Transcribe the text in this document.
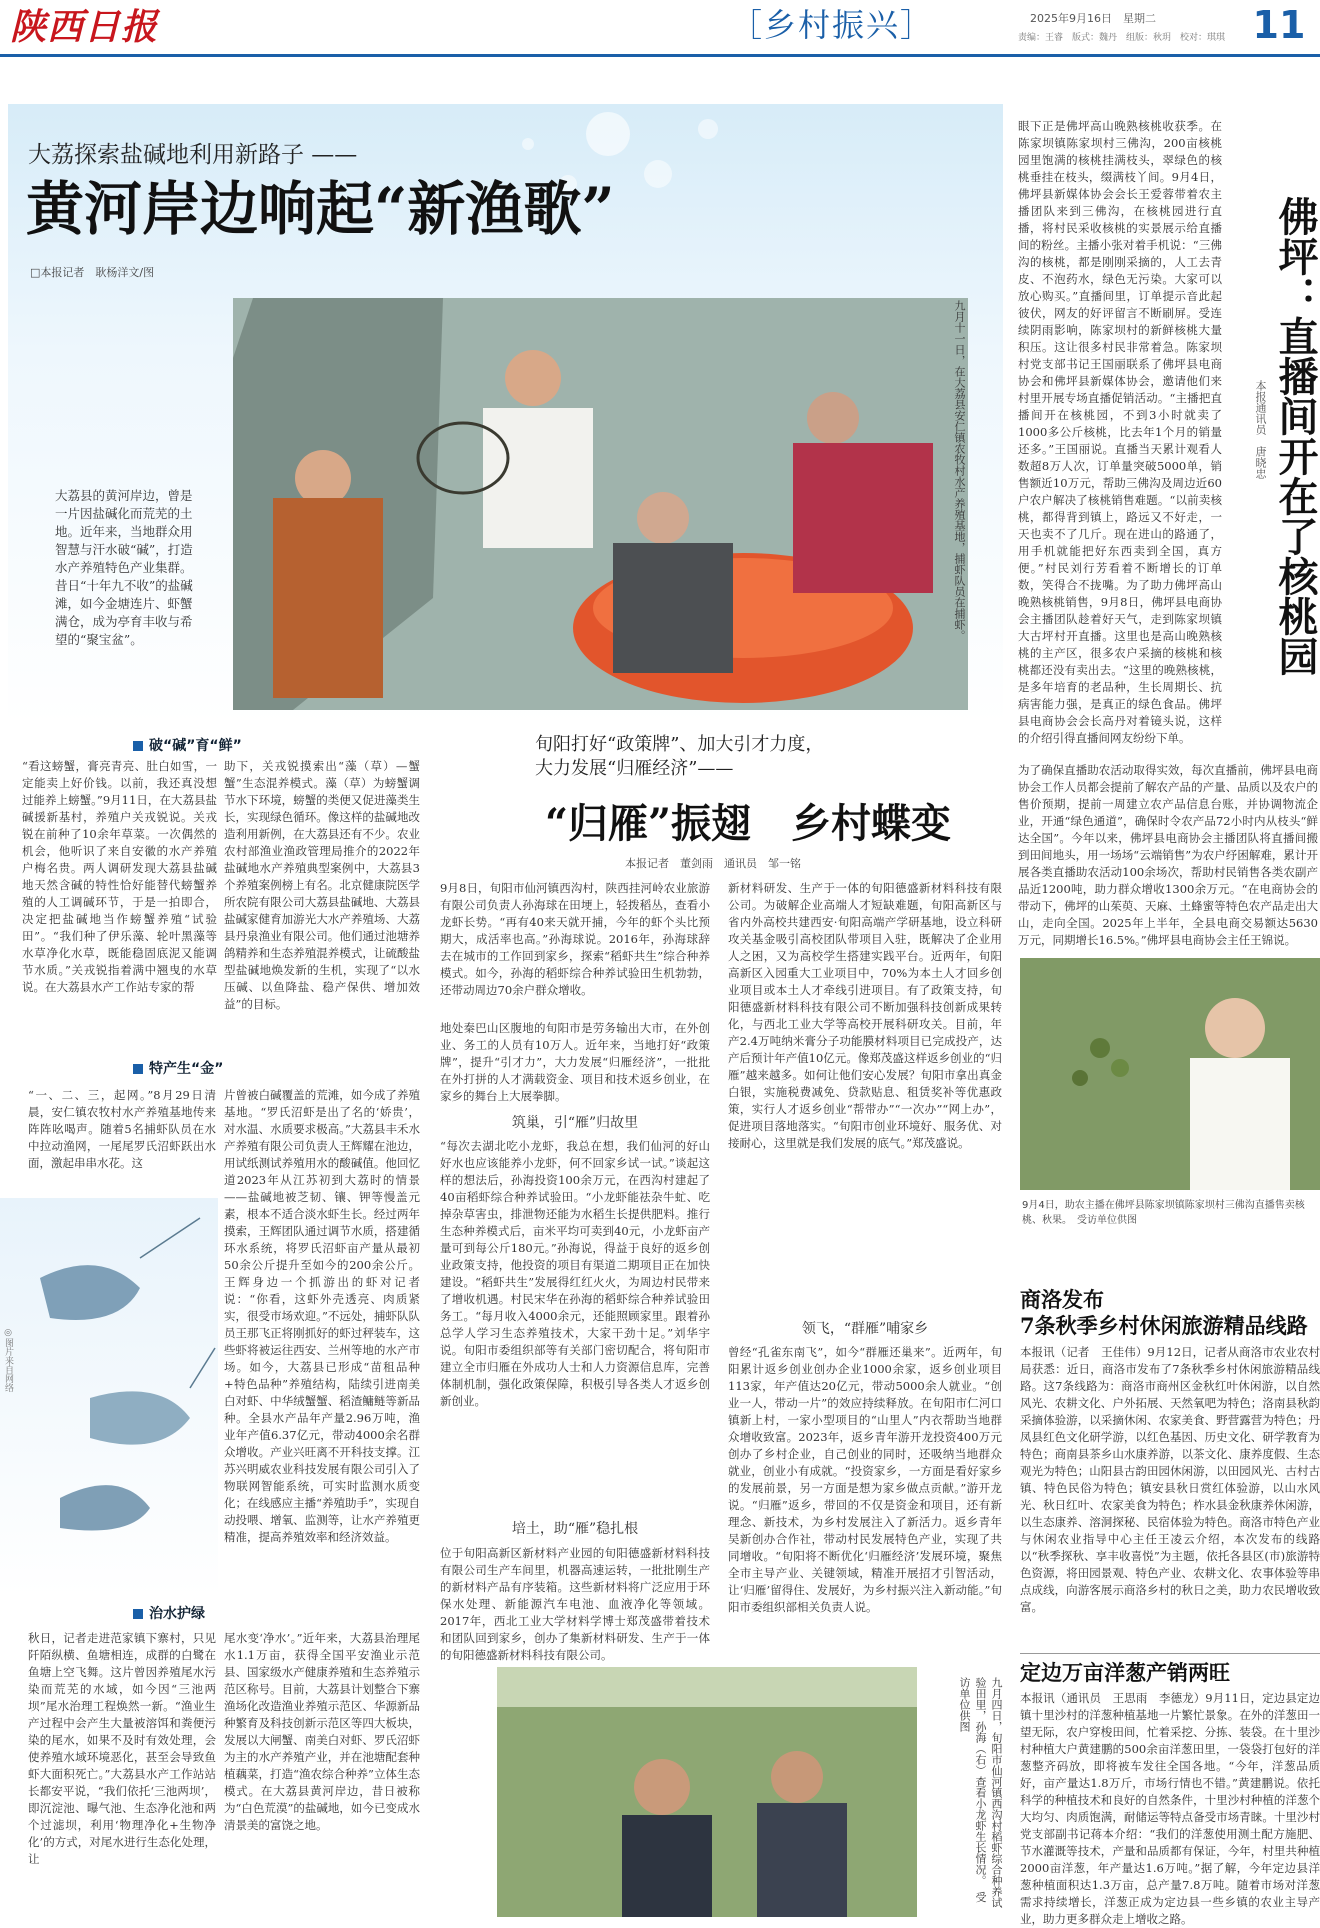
陕西日报	［乡村振兴］	2025年9月16日　星期二
责编：王睿　版式：魏丹　组版：秋玥　校对：琪琪 11
大荔探索盐碱地利用新路子 ——
黄河岸边响起“新渔歌”
□本报记者　耿杨洋文/图
大荔县的黄河岸边，曾是一片因盐碱化而荒芜的土地。近年来，当地群众用智慧与汗水破“碱”，打造水产养殖特色产业集群。昔日“十年九不收”的盐碱滩，如今金塘连片、虾蟹满仓，成为亭育丰收与希望的“聚宝盆”。	九月十一日，在大荔县安仁镇农牧村水产养殖基地，捕虾队员在捕虾。
破“碱”育“鲜”
“看这螃蟹，膏亮青亮、肚白如雪，一定能卖上好价钱。以前，我还真没想过能养上螃蟹。”9月11日，在大荔县盐碱援新基村，养殖户关戎锐说。关戎锐在前种了10余年草菜。一次偶然的机会，他听识了来自安徽的水产养殖户梅名贵。两人调研发现大荔县盐碱地天然含碱的特性恰好能替代螃蟹养殖的人工调碱环节，于是一拍即合，决定把盐碱地当作螃蟹养殖“试验田”。“我们种了伊乐藻、轮叶黑藻等水草净化水草，既能稳固底泥又能调节水质。”关戎锐指着满中翘曳的水草说。在大荔县水产工作站专家的帮
助下，关戎锐摸索出“藻（草）—蟹蟹”生态混养模式。藻（草）为螃蟹调节水下环境，螃蟹的类便又促进藻类生长，实现绿色循环。像这样的盐碱地改造利用新例，在大荔县还有不少。农业农村部渔业渔政管理局推介的2022年盐碱地水产养殖典型案例中，大荔县3个养殖案例榜上有名。北京健康院医学所农院有限公司大荔县盐碱地、大荔县盐碱家健育加游光大水产养殖场、大荔县丹泉渔业有限公司。他们通过池塘养鸽精养和生态养殖混养模式，让硫酸盐型盐碱地焕发新的生机，实现了“以水压碱、以鱼降盐、稳产保供、增加效益”的目标。
特产生“金”
“一、二、三，起网。”8月29日清晨，安仁镇农牧村水产养殖基地传来阵阵吆喝声。随着5名捕虾队员在水中拉动渔网，一尾尾罗氏沼虾跃出水面，激起串串水花。这
片曾被白碱覆盖的荒滩，如今成了养殖基地。“罗氏沼虾是出了名的‘娇贵’，对水温、水质要求极高。”大荔县丰禾水产养殖有限公司负责人王辉耀在池边，用试纸测试养殖用水的酸碱值。他回忆道2023年从江苏初到大荔时的情景——盐碱地被芝韧、镶、钾等慢盖元素，根本不适合淡水虾生长。经过两年摸索，王辉团队通过调节水质，搭建循环水系统，将罗氏沼虾亩产量从最初50余公斤提升至如今的200余公斤。王辉身边一个抓游出的虾对记者说：“你看，这虾外壳透亮、肉质紧实，很受市场欢迎。”不远处，捕虾队队员王那飞正将刚抓好的虾过秤装车，这些虾将被运往西安、兰州等地的水产市场。如今，大荔县已形成“苗租品种+特色品种”养殖结构，陆续引进南美白对虾、中华绒蟹蟹、稻渣鳙鲢等新品种。全县水产品年产量2.96万吨，渔业年产值6.37亿元，带动4000余名群众增收。产业兴旺离不开科技支撑。江苏兴明威农业科技发展有限公司引入了物联网智能系统，可实时监测水质变化；在线感应主播“养殖助手”，实现自动投喂、增氧、监测等，让水产养殖更精准，提高养殖效率和经济效益。
◎图片来自网络
治水护绿
秋日，记者走进范家镇下寨村，只见阡陌纵横、鱼塘相连，成群的白鹭在鱼塘上空飞舞。这片曾因养殖尾水污染而荒芜的水域，如今因“三池两坝”尾水治理工程焕然一新。“渔业生产过程中会产生大量被溶饵和粪便污染的尾水，如果不及时有效处理，会使养殖水域环境恶化，甚至会导致鱼虾大面积死亡。”大荔县水产工作站站长都安平说，“我们依托‘三池两坝’，即沉淀池、曝气池、生态净化池和两个过滤坝，利用‘物理净化+生物净化’的方式，对尾水进行生态化处理，让
尾水变‘净水’。”近年来，大荔县治理尾水1.1万亩，获得全国平安渔业示范县、国家级水产健康养殖和生态养殖示范区称号。目前，大荔县计划整合下寨渔场化改造渔业养殖示范区、华源新品种繁育及科技创新示范区等四大板块，发展以大闸蟹、南美白对虾、罗氏沼虾为主的水产养殖产业，并在池塘配套种植藕菜，打造“渔农综合种养”立体生态模式。在大荔县黄河岸边，昔日被称为“白色荒漠”的盐碱地，如今已变成水清景美的富饶之地。
旬阳打好“政策牌”、加大引才力度，
大力发展“归雁经济”——
“归雁”振翅　乡村蝶变
本报记者　董剑雨　通讯员　邹一铭
9月8日，旬阳市仙河镇西沟村，陕西挂河岭农业旅游有限公司负责人孙海球在田埂上，轻拨稻丛，查看小龙虾长势。“再有40来天就开捕，今年的虾个头比预期大，成活率也高。”孙海球说。2016年，孙海球辞去在城市的工作回到家乡，探索“稻虾共生”综合种养模式。如今，孙海的稻虾综合种养试验田生机勃勃，还带动周边70余户群众增收。
地处秦巴山区腹地的旬阳市是劳务输出大市，在外创业、务工的人员有10万人。近年来，当地打好“政策牌”，提升“引才力”，大力发展“归雁经济”，一批批在外打拼的人才满载资金、项目和技术返乡创业，在家乡的舞台上大展拳脚。
筑巢，引“雁”归故里
“每次去湖北吃小龙虾，我总在想，我们仙河的好山好水也应该能养小龙虾，何不回家乡试一试。”谈起这样的想法后，孙海投资100余万元，在西沟村建起了40亩稻虾综合种养试验田。“小龙虾能祛杂牛虻、吃掉杂草害虫，排泄物还能为水稻生长提供肥料。推行生态种养模式后，亩米平均可卖到40元，小龙虾亩产量可到每公斤180元。”孙海说，得益于良好的返乡创业政策支持，他投资的项目有渠道二期项目正在加快建设。“稻虾共生”发展得红红火火，为周边村民带来了增收机遇。村民宋华在孙海的稻虾综合种养试验田务工。“每月收入4000余元，还能照顾家里。跟着孙总学人学习生态养殖技术，大家干劲十足。”刘华宇说。旬阳市委组织部等有关部门密切配合，将旬阳市建立全市归雁在外成功人士和人力资源信息库，完善体制机制，强化政策保障，积极引导各类人才返乡创新创业。
培土，助“雁”稳扎根
位于旬阳高新区新材料产业园的旬阳德盛新材料科技有限公司生产车间里，机器高速运转，一批批刚生产的新材料产品有序装箱。这些新材料将广泛应用于环保水处理、新能源汽车电池、血液净化等领域。2017年，西北工业大学材料学博士郑茂盛带着技术和团队回到家乡，创办了集新材料研发、生产于一体的旬阳德盛新材料科技有限公司。
新材料研发、生产于一体的旬阳德盛新材料科技有限公司。为破解企业高端人才短缺难题，旬阳高新区与省内外高校共建西安·旬阳高端产学研基地，设立科研攻关基金吸引高校团队带项目入驻，既解决了企业用人之困，又为高校学生搭建实践平台。近两年，旬阳高新区入园重大工业项目中，70%为本土人才回乡创业项目或本土人才牵线引进项目。有了政策支持，旬阳德盛新材料科技有限公司不断加强科技创新成果转化，与西北工业大学等高校开展科研攻关。目前，年产2.4万吨纳米膏分子功能膜材料项目已完成投产，达产后预计年产值10亿元。像郑茂盛这样返乡创业的“归雁”越来越多。如何让他们安心发展？旬阳市拿出真金白银，实施税费减免、贷款贴息、租赁奖补等优惠政策，实行人才返乡创业“帮带办”“一次办”“网上办”，促进项目落地落实。“旬阳市创业环境好、服务优、对接耐心，这里就是我们发展的底气。”郑茂盛说。
领飞，“群雁”哺家乡
曾经“孔雀东南飞”，如今“群雁还巢来”。近两年，旬阳累计返乡创业创办企业1000余家，返乡创业项目113家，年产值达20亿元，带动5000余人就业。“创业一人，带动一片”的效应持续释放。在旬阳市仁河口镇新上村，一家小型项目的“山里人”内衣帮助当地群众增收致富。2023年，返乡青年游开龙投资400万元创办了乡村企业，自己创业的同时，还吸纳当地群众就业，创业小有成就。“投资家乡，一方面是看好家乡的发展前景，另一方面是想为家乡做点贡献。”游开龙说。“归雁”返乡，带回的不仅是资金和项目，还有新理念、新技术，为乡村发展注入了新活力。返乡青年吴新创办合作社，带动村民发展特色产业，实现了共同增收。“旬阳将不断优化‘归雁经济’发展环境，聚焦全市主导产业、关键领域，精准开展招才引智活动，让‘归雁’留得住、发展好，为乡村振兴注入新动能。”旬阳市委组织部相关负责人说。
九月四日，旬阳市仙河镇西沟村稻虾综合种养试验田里，孙海（右）查看小龙虾生长情况。　受访单位供图
眼下正是佛坪高山晚熟核桃收获季。在陈家坝镇陈家坝村三佛沟，200亩核桃园里饱满的核桃挂满枝头，翠绿色的核桃垂挂在枝头，缀满枝丫间。9月4日，佛坪县新媒体协会会长王爱蓉带着农主播团队来到三佛沟，在核桃园进行直播，将村民采收核桃的实景展示给直播间的粉丝。主播小张对着手机说：“三佛沟的核桃，都是刚刚采摘的，人工去青皮、不泡药水，绿色无污染。大家可以放心购买。”直播间里，订单提示音此起彼伏，网友的好评留言不断刷屏。受连续阴雨影响，陈家坝村的新鲜核桃大量积压。这让很多村民非常着急。陈家坝村党支部书记王国丽联系了佛坪县电商协会和佛坪县新媒体协会，邀请他们来村里开展专场直播促销活动。“主播把直播间开在核桃园，不到3小时就卖了1000多公斤核桃，比去年1个月的销量还多。”王国丽说。直播当天累计观看人数超8万人次，订单量突破5000单，销售额近10万元，帮助三佛沟及周边近60户农户解决了核桃销售难题。“以前卖核桃，都得背到镇上，路远又不好走，一天也卖不了几斤。现在进山的路通了，用手机就能把好东西卖到全国，真方便。”村民刘行芳看着不断增长的订单数，笑得合不拢嘴。为了助力佛坪高山晚熟核桃销售，9月8日，佛坪县电商协会主播团队趁着好天气，走到陈家坝镇大古坪村开直播。这里也是高山晚熟核桃的主产区，很多农户采摘的核桃和核桃都还没有卖出去。“这里的晚熟核桃，是多年培育的老品种，生长周期长、抗病害能力强，是真正的绿色食品。佛坪县电商协会会长高丹对着镜头说，这样的介绍引得直播间网友纷纷下单。
本报通讯员　唐晓忠 佛坪：直播间开在了核桃园
为了确保直播助农活动取得实效，每次直播前，佛坪县电商协会工作人员都会提前了解农产品的产量、品质以及农户的售价预期，提前一周建立农产品信息台账，并协调物流企业，开通“绿色通道”，确保时令农产品72小时内从枝头“鲜达全国”。今年以来，佛坪县电商协会主播团队将直播间搬到田间地头，用一场场“云端销售”为农户纾困解难，累计开展各类直播助农活动100余场次，帮助村民销售各类农副产品近1200吨，助力群众增收1300余万元。“在电商协会的带动下，佛坪的山茱萸、天麻、土蜂蜜等特色农产品走出大山，走向全国。2025年上半年，全县电商交易额达5630万元，同期增长16.5%。”佛坪县电商协会主任王锦说。
9月4日，助农主播在佛坪县陈家坝镇陈家坝村三佛沟直播售卖核桃、秋果。　受访单位供图
商洛发布
7条秋季乡村休闲旅游精品线路
本报讯（记者　王佳伟）9月12日，记者从商洛市农业农村局获悉：近日，商洛市发布了7条秋季乡村休闲旅游精品线路。这7条线路为：商洛市商州区金秋红叶休闲游，以自然风光、农耕文化、户外拓展、天然氧吧为特色；洛南县秋韵采摘体验游，以采摘休闲、农家美食、野营露营为特色；丹凤县红色文化研学游，以红色基因、历史文化、研学教育为特色；商南县茶乡山水康养游，以茶文化、康养度假、生态观光为特色；山阳县古韵田园休闲游，以田园风光、古村古镇、特色民俗为特色；镇安县秋日赏红体验游，以山水风光、秋日红叶、农家美食为特色；柞水县金秋康养休闲游，以生态康养、溶洞探秘、民宿体验为特色。商洛市特色产业与休闲农业指导中心主任王凌云介绍，本次发布的线路以“秋季探秋、享丰收喜悦”为主题，依托各县区(市)旅游特色资源，将田园景观、特色产业、农耕文化、农事体验等串点成线，向游客展示商洛乡村的秋日之美，助力农民增收致富。
定边万亩洋葱产销两旺
本报讯（通讯员　王思雨　李德龙）9月11日，定边县定边镇十里沙村的洋葱种植基地一片繁忙景象。在外的洋葱田一望无际，农户穿梭田间，忙着采挖、分拣、装袋。在十里沙村种植大户黄建鹏的500余亩洋葱田里，一袋袋打包好的洋葱整齐码放，即将被车发往全国各地。“今年，洋葱品质好，亩产量达1.8万斤，市场行情也不错。”黄建鹏说。依托科学的种植技术和良好的自然条件，十里沙村种植的洋葱个大均匀、肉质饱满，耐储运等特点备受市场青睐。十里沙村党支部副书记蒋本介绍：“我们的洋葱使用测土配方施肥、节水灌溉等技术，产量和品质都有保证，今年，村里共种植2000亩洋葱，年产量达1.6万吨。”据了解，今年定边县洋葱种植面积达1.3万亩，总产量7.8万吨。随着市场对洋葱需求持续增长，洋葱正成为定边县一些乡镇的农业主导产业，助力更多群众走上增收之路。
